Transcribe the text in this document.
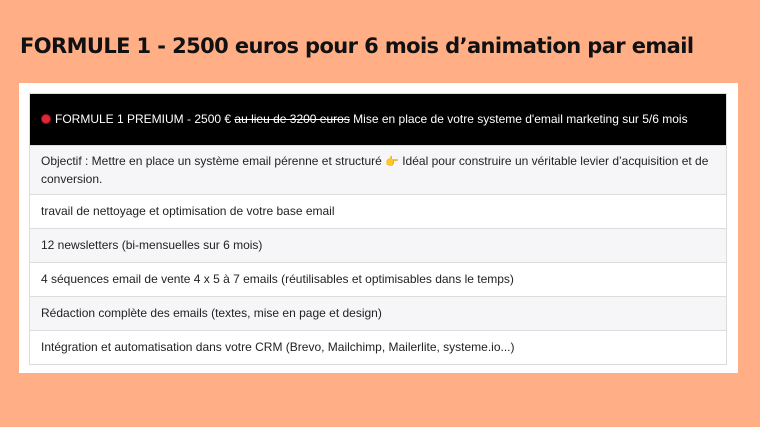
FORMULE 1 - 2500 euros pour 6 mois d’animation par email
FORMULE 1 PREMIUM - 2500 € au lieu de 3200 euros Mise en place de votre systeme d'email marketing sur 5/6 mois
Objectif : Mettre en place un système email pérenne et structuré 👉 Idéal pour construire un véritable levier d’acquisition et de conversion.
travail de nettoyage et optimisation de votre base email
12 newsletters (bi-mensuelles sur 6 mois)
4 séquences email de vente 4 x 5 à 7 emails (réutilisables et optimisables dans le temps)
Rédaction complète des emails (textes, mise en page et design)
Intégration et automatisation dans votre CRM (Brevo, Mailchimp, Mailerlite, systeme.io...)
